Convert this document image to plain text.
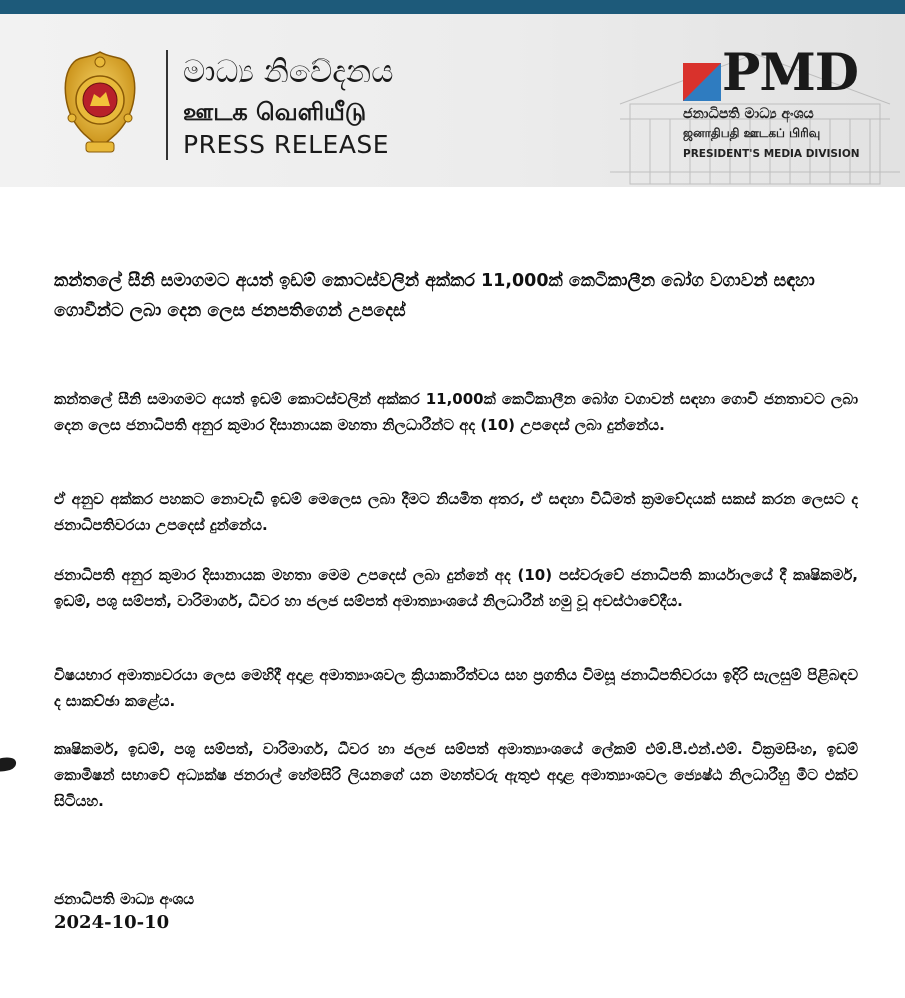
මාධ්‍ය නිවේදනය
ஊடக வெளியீடு
PRESS RELEASE
PMD
ජනාධිපති මාධ්‍ය අංශය
ஜனாதிபதி ஊடகப் பிரிவு
PRESIDENT'S MEDIA DIVISION
කන්තලේ සීනි සමාගමට අයත් ඉඩම් කොටස්වලින් අක්කර 11,000ක් කෙටිකාලීන බෝග වගාවන් සඳහා ගොවීන්ට ලබා දෙන ලෙස ජනපතිගෙන් උපදෙස්

කන්තලේ සීනි සමාගමට අයත් ඉඩම් කොටස්වලින් අක්කර 11,000ක් කෙටිකාලීන බෝග වගාවන් සඳහා ගොවි ජනතාවට ලබා දෙන ලෙස ජනාධිපති අනුර කුමාර දිසානායක මහතා නිලධාරීන්ට අද (10) උපදෙස් ලබා දුන්නේය.

ඒ අනුව අක්කර පහකට නොවැඩි ඉඩම් මෙලෙස ලබා දීමට නියමිත අතර, ඒ සඳහා විධිමත් ක්‍රමවේදයක් සකස් කරන ලෙසට ද ජනාධිපතිවරයා උපදෙස් දුන්නේය.

ජනාධිපති අනුර කුමාර දිසානායක මහතා මෙම උපදෙස් ලබා දුන්නේ අද (10) පස්වරුවේ ජනාධිපති කාර්යාලයේ දී කෘෂිකර්ම, ඉඩම්, පශු සම්පත්, වාරිමාර්ග, ධීවර හා ජලජ සම්පත් අමාත්‍යාංශයේ නිලධාරීන් හමු වූ අවස්ථාවේදීය.

විෂයභාර අමාත්‍යවරයා ලෙස මෙහිදී අදාළ අමාත්‍යාංශවල ක්‍රියාකාරීත්වය සහ ප්‍රගතිය විමසූ ජනාධිපතිවරයා ඉදිරි සැලසුම් පිළිබඳව ද සාකච්ඡා කළේය.

කෘෂිකර්ම, ඉඩම්, පශු සම්පත්, වාරිමාර්ග, ධීවර හා ජලජ සම්පත් අමාත්‍යාංශයේ ලේකම් එම්.පී.එන්.එම්. වික්‍රමසිංහ, ඉඩම් කොමිෂන් සභාවේ අධ්‍යක්ෂ ජනරාල් හේමසිරි ලියනගේ යන මහත්වරු ඇතුළු අදාළ අමාත්‍යාංශවල ජ්‍යෙෂ්ඨ නිලධාරීහු මීට එක්ව සිටියහ.

ජනාධිපති මාධ්‍ය අංශය
2024-10-10
